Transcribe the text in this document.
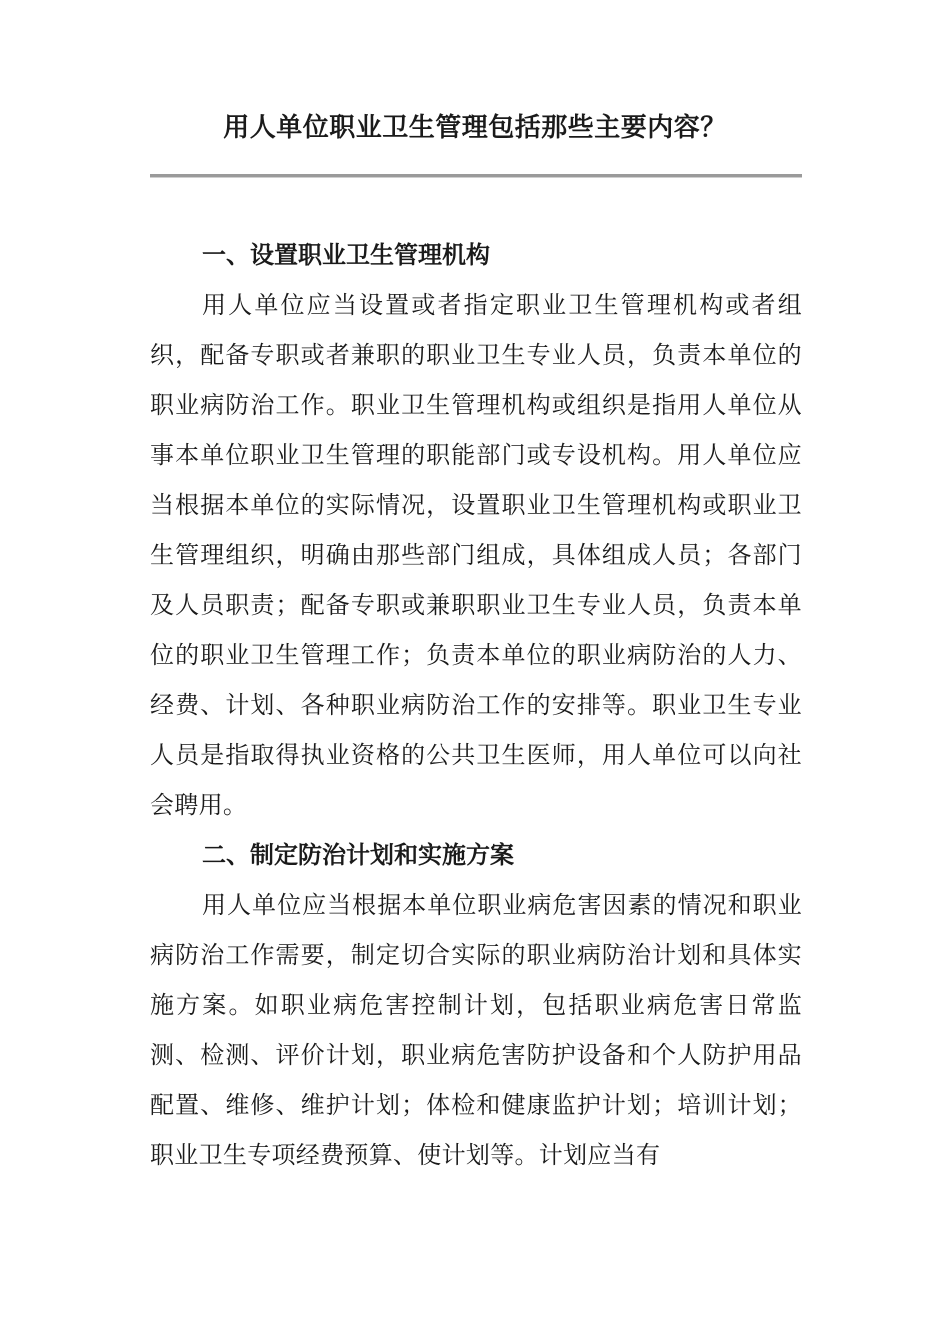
用人单位职业卫生管理包括那些主要内容？

一、设置职业卫生管理机构

用人单位应当设置或者指定职业卫生管理机构或者组织，配备专职或者兼职的职业卫生专业人员，负责本单位的职业病防治工作。职业卫生管理机构或组织是指用人单位从事本单位职业卫生管理的职能部门或专设机构。用人单位应当根据本单位的实际情况，设置职业卫生管理机构或职业卫生管理组织，明确由那些部门组成，具体组成人员；各部门及人员职责；配备专职或兼职职业卫生专业人员，负责本单位的职业卫生管理工作；负责本单位的职业病防治的人力、经费、计划、各种职业病防治工作的安排等。职业卫生专业人员是指取得执业资格的公共卫生医师，用人单位可以向社会聘用。

二、制定防治计划和实施方案

用人单位应当根据本单位职业病危害因素的情况和职业病防治工作需要，制定切合实际的职业病防治计划和具体实施方案。如职业病危害控制计划，包括职业病危害日常监测、检测、评价计划，职业病危害防护设备和个人防护用品配置、维修、维护计划；体检和健康监护计划；培训计划；职业卫生专项经费预算、使计划等。计划应当有
